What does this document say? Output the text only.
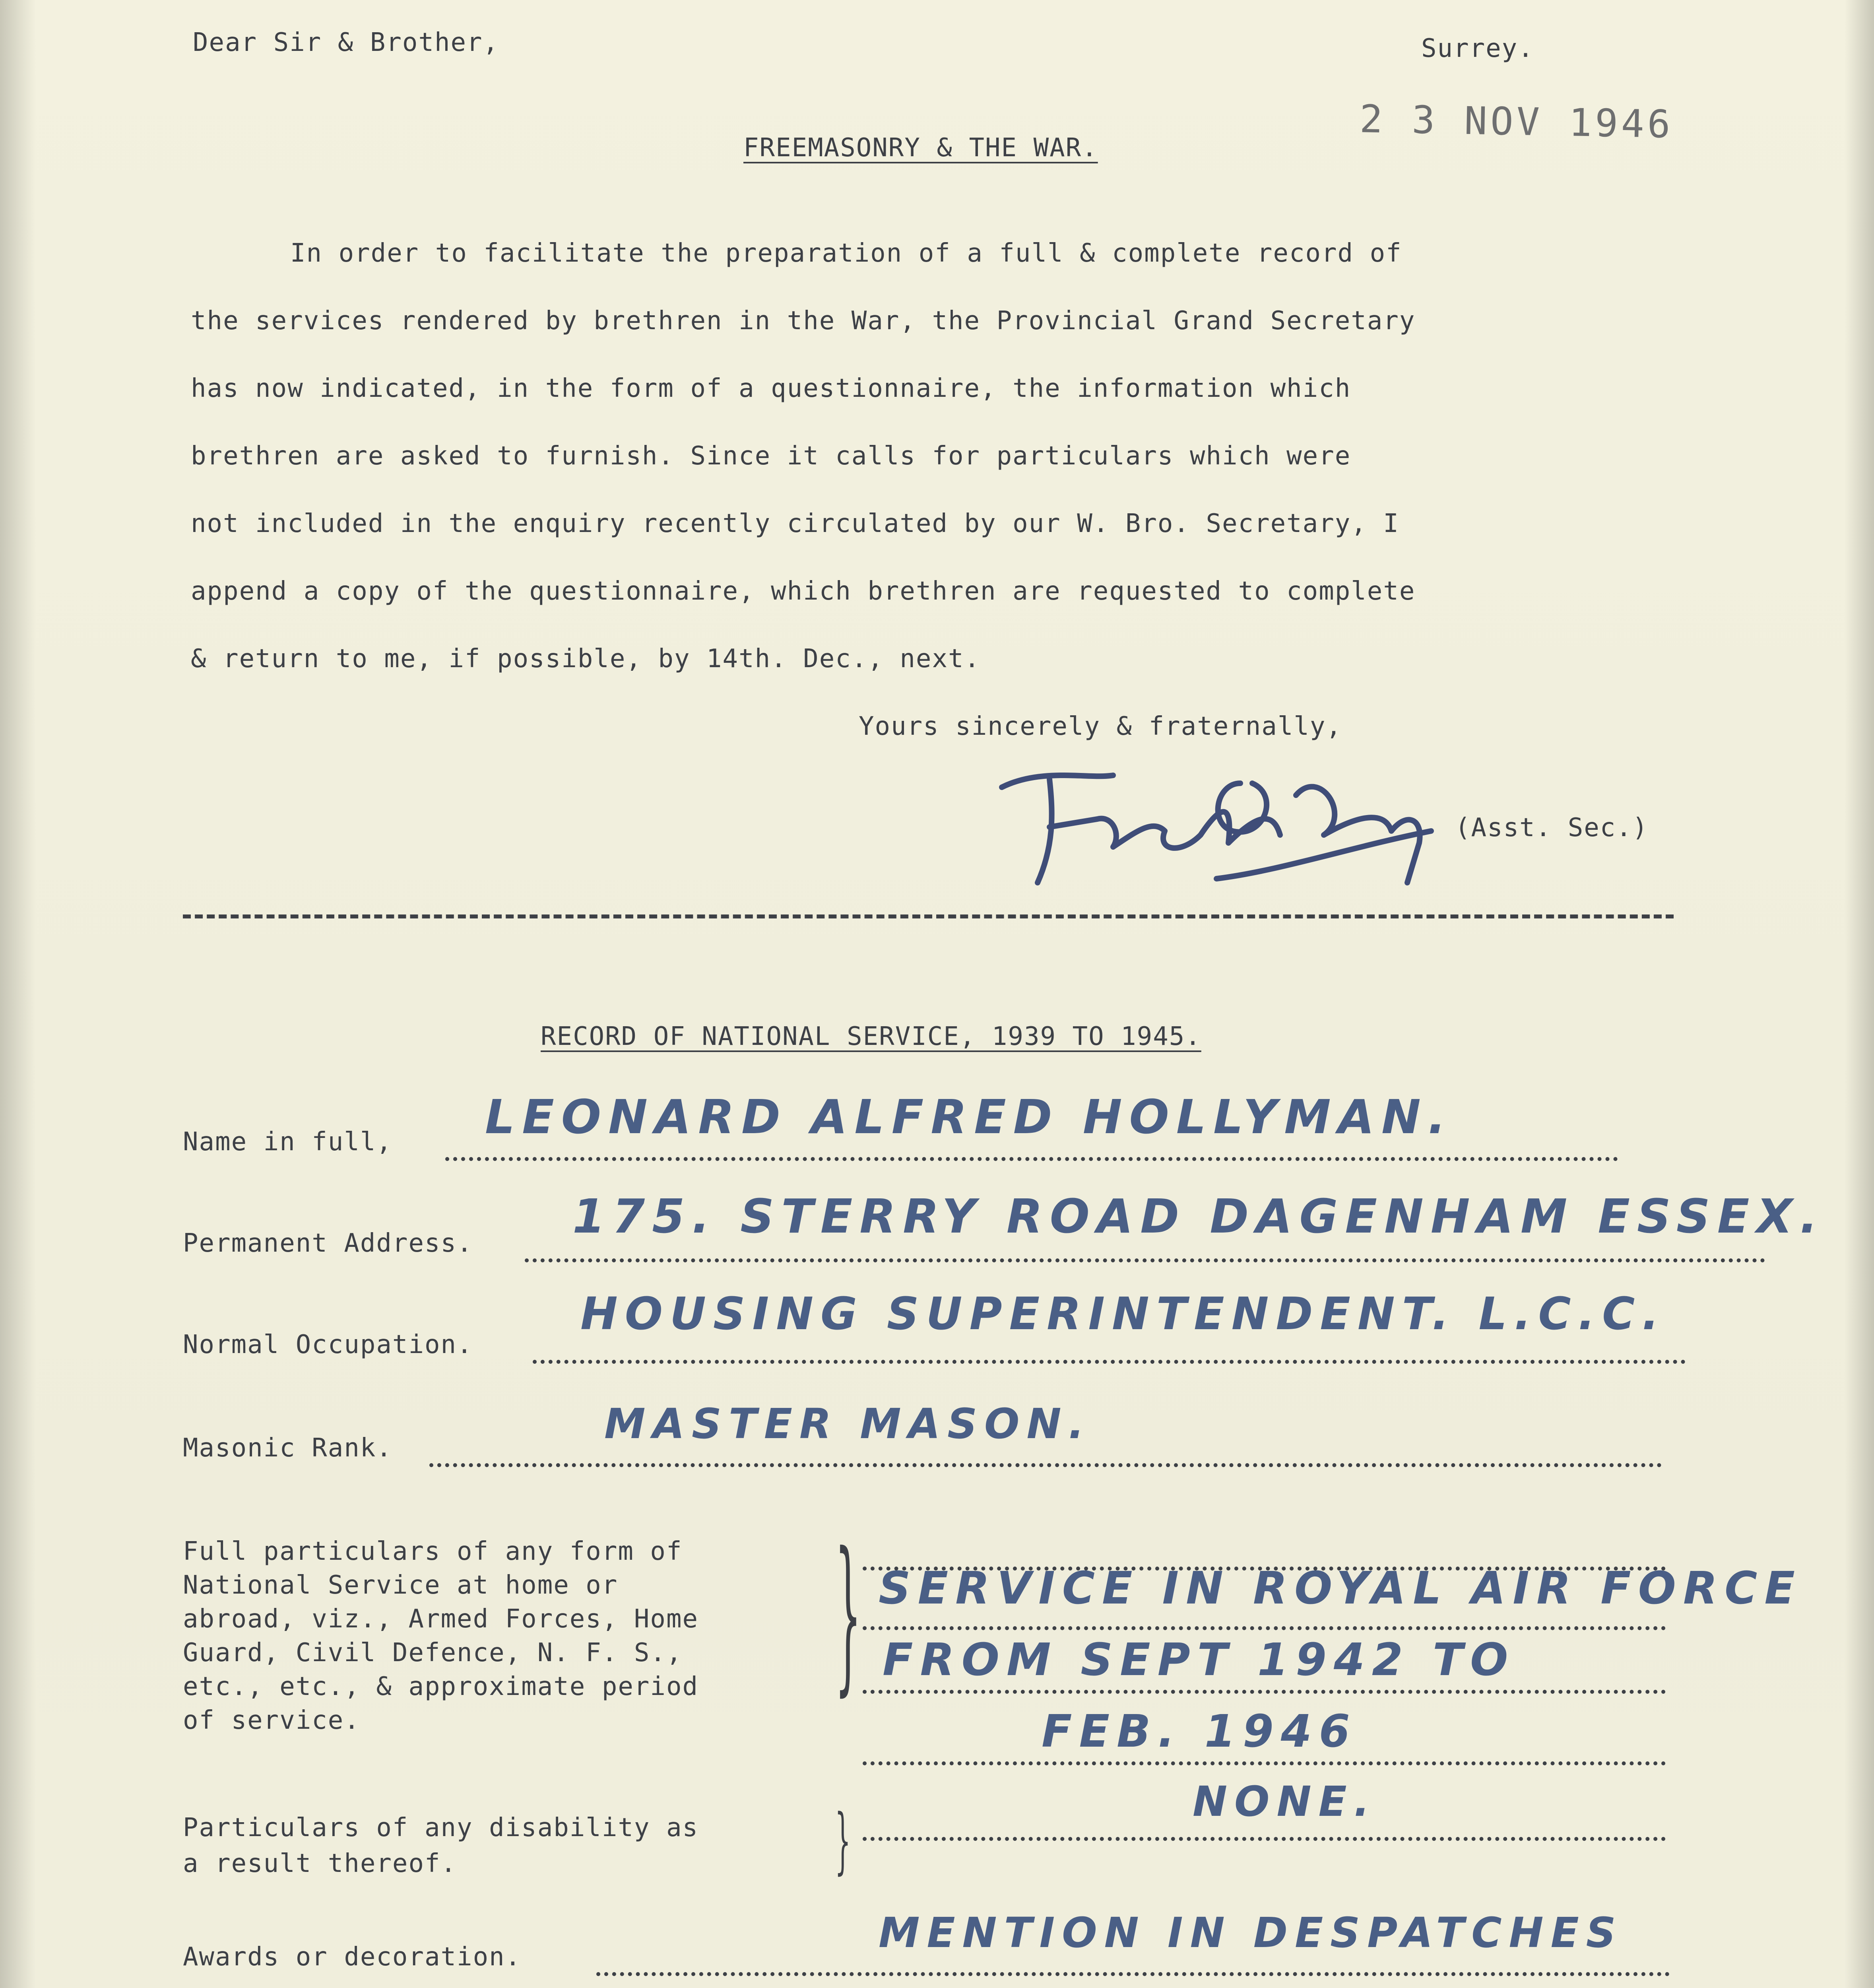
Dear Sir & Brother,	Surrey.

2 3 NOV 1946

FREEMASONRY & THE WAR.

In order to facilitate the preparation of a full & complete record of

the services rendered by brethren in the War, the Provincial Grand Secretary

has now indicated, in the form of a questionnaire, the information which

brethren are asked to furnish. Since it calls for particulars which were

not included in the enquiry recently circulated by our W. Bro. Secretary, I

append a copy of the questionnaire, which brethren are requested to complete

& return to me, if possible, by 14th. Dec., next.

Yours sincerely & fraternally,

(Asst. Sec.)

RECORD OF NATIONAL SERVICE, 1939 TO 1945.

Name in full, LEONARD ALFRED HOLLYMAN.

Permanent Address. 175. STERRY ROAD DAGENHAM ESSEX.

Normal Occupation.

HOUSING SUPERINTENDENT. L.C.C.

Masonic Rank.	MASTER MASON.

Full particulars of any form of

National Service at home or

abroad, viz., Armed Forces, Home

Guard, Civil Defence, N. F. S.,

etc., etc., & approximate period

of service.

} SERVICE IN ROYAL AIR FORCE

FROM SEPT 1942 TO

FEB. 1946

Particulars of any disability as

a result thereof.	}	NONE.

Awards or decoration.	MENTION IN DESPATCHES
